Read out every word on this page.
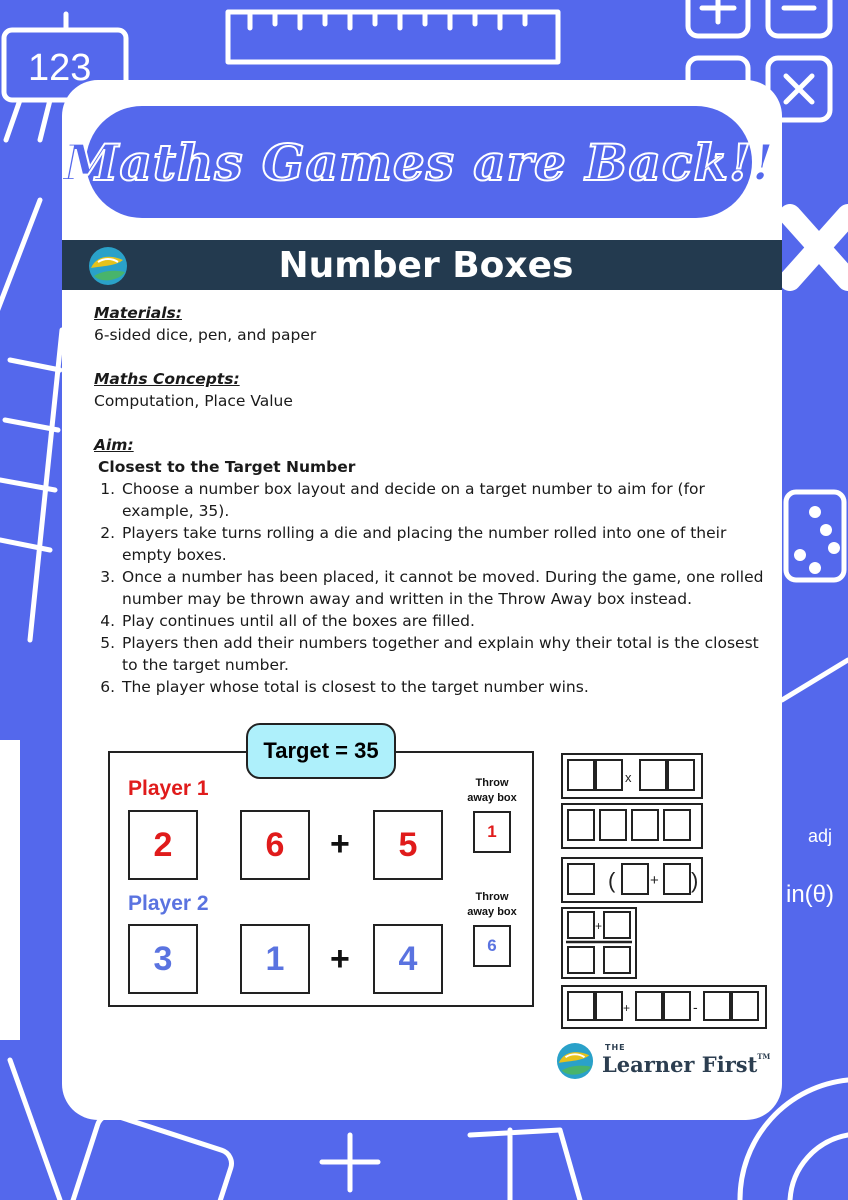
123
adj
in(θ)
Maths Games are Back!!
Number Boxes
Materials:
6-sided dice, pen, and paper
Maths Concepts:
Computation, Place Value
Aim:
Closest to the Target Number
1. Choose a number box layout and decide on a target number to aim for (for example, 35).
2. Players take turns rolling a die and placing the number rolled into one of their empty boxes.
3. Once a number has been placed, it cannot be moved. During the game, one rolled number may be thrown away and written in the Throw Away box instead.
4. Play continues until all of the boxes are filled.
5. Players then add their numbers together and explain why their total is the closest to the target number.
6. The player whose total is closest to the target number wins.
Target = 35
Player 1
2	6	+	5
Throw
away box
1
Player 2
3	1	+	4
Throw
away box
6
x
( + )
+
+	-
THE
Learner First™
